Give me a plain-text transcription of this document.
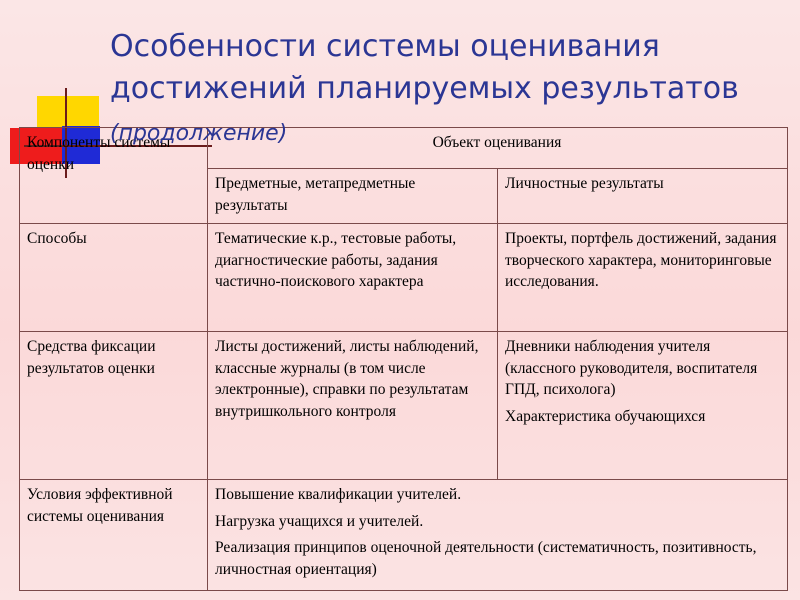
Компоненты системы оценки	Объект оценивания	
	Предметные, метапредметные результаты	Личностные результаты
Способы	Тематические к.р., тестовые работы, диагностические работы, задания частично-поискового характера	Проекты, портфель достижений, задания творческого характера, мониторинговые исследования.
Средства фиксации результатов оценки	Листы достижений, листы наблюдений, классные журналы (в том числе электронные), справки по результатам внутришкольного контроля	Дневники наблюдения учителя (классного руководителя, воспитателя ГПД, психолога)

Характеристика обучающихся

Условия эффективной системы оценивания	Повышение квалификации учителей.

Нагрузка учащихся и учителей.

Реализация принципов оценочной деятельности (систематичность, позитивность, личностная ориентация)	

Особенности системы оценивания достижений планируемых результатов (продолжение)
